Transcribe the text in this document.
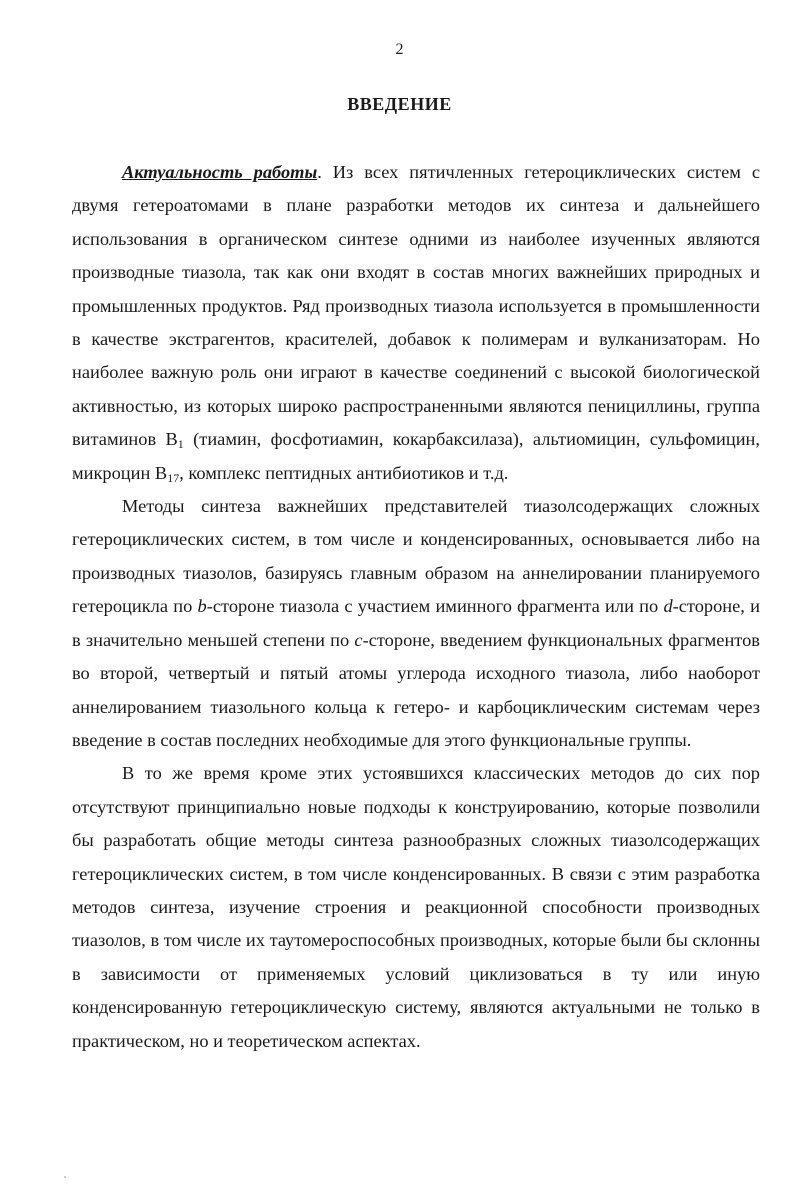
2
ВВЕДЕНИЕ

Актуальность работы. Из всех пятичленных гетероциклических систем с двумя гетероатомами в плане разработки методов их синтеза и дальнейшего использования в органическом синтезе одними из наиболее изученных являются производные тиазола, так как они входят в состав многих важнейших природных и промышленных продуктов. Ряд производных тиазола используется в промышленности в качестве экстрагентов, красителей, добавок к полимерам и вулканизаторам. Но наиболее важную роль они играют в качестве соединений с высокой биологической активностью, из которых широко распространенными являются пенициллины, группа витаминов $B_1$ (тиамин, фосфотиамин, кокарбаксилаза), альтиомицин, сульфомицин, микроцин $B_{17}$, комплекс пептидных антибиотиков и т.д.

Методы синтеза важнейших представителей тиазолсодержащих сложных гетероциклических систем, в том числе и конденсированных, основывается либо на производных тиазолов, базируясь главным образом на аннелировании планируемого гетероцикла по b-стороне тиазола с участием иминного фрагмента или по d-стороне, и в значительно меньшей степени по c-стороне, введением функциональных фрагментов во второй, четвертый и пятый атомы углерода исходного тиазола, либо наоборот аннелированием тиазольного кольца к гетеро- и карбоциклическим системам через введение в состав последних необходимые для этого функциональные группы.

В то же время кроме этих устоявшихся классических методов до сих пор отсутствуют принципиально новые подходы к конструированию, которые позволили бы разработать общие методы синтеза разнообразных сложных тиазолсодержащих гетероциклических систем, в том числе конденсированных. В связи с этим разработка методов синтеза, изучение строения и реакционной способности производных тиазолов, в том числе их таутомероспособных производных, которые были бы склонны в зависимости от применяемых условий циклизоваться в ту или иную конденсированную гетероциклическую систему, являются актуальными не только в практическом, но и теоретическом аспектах.
